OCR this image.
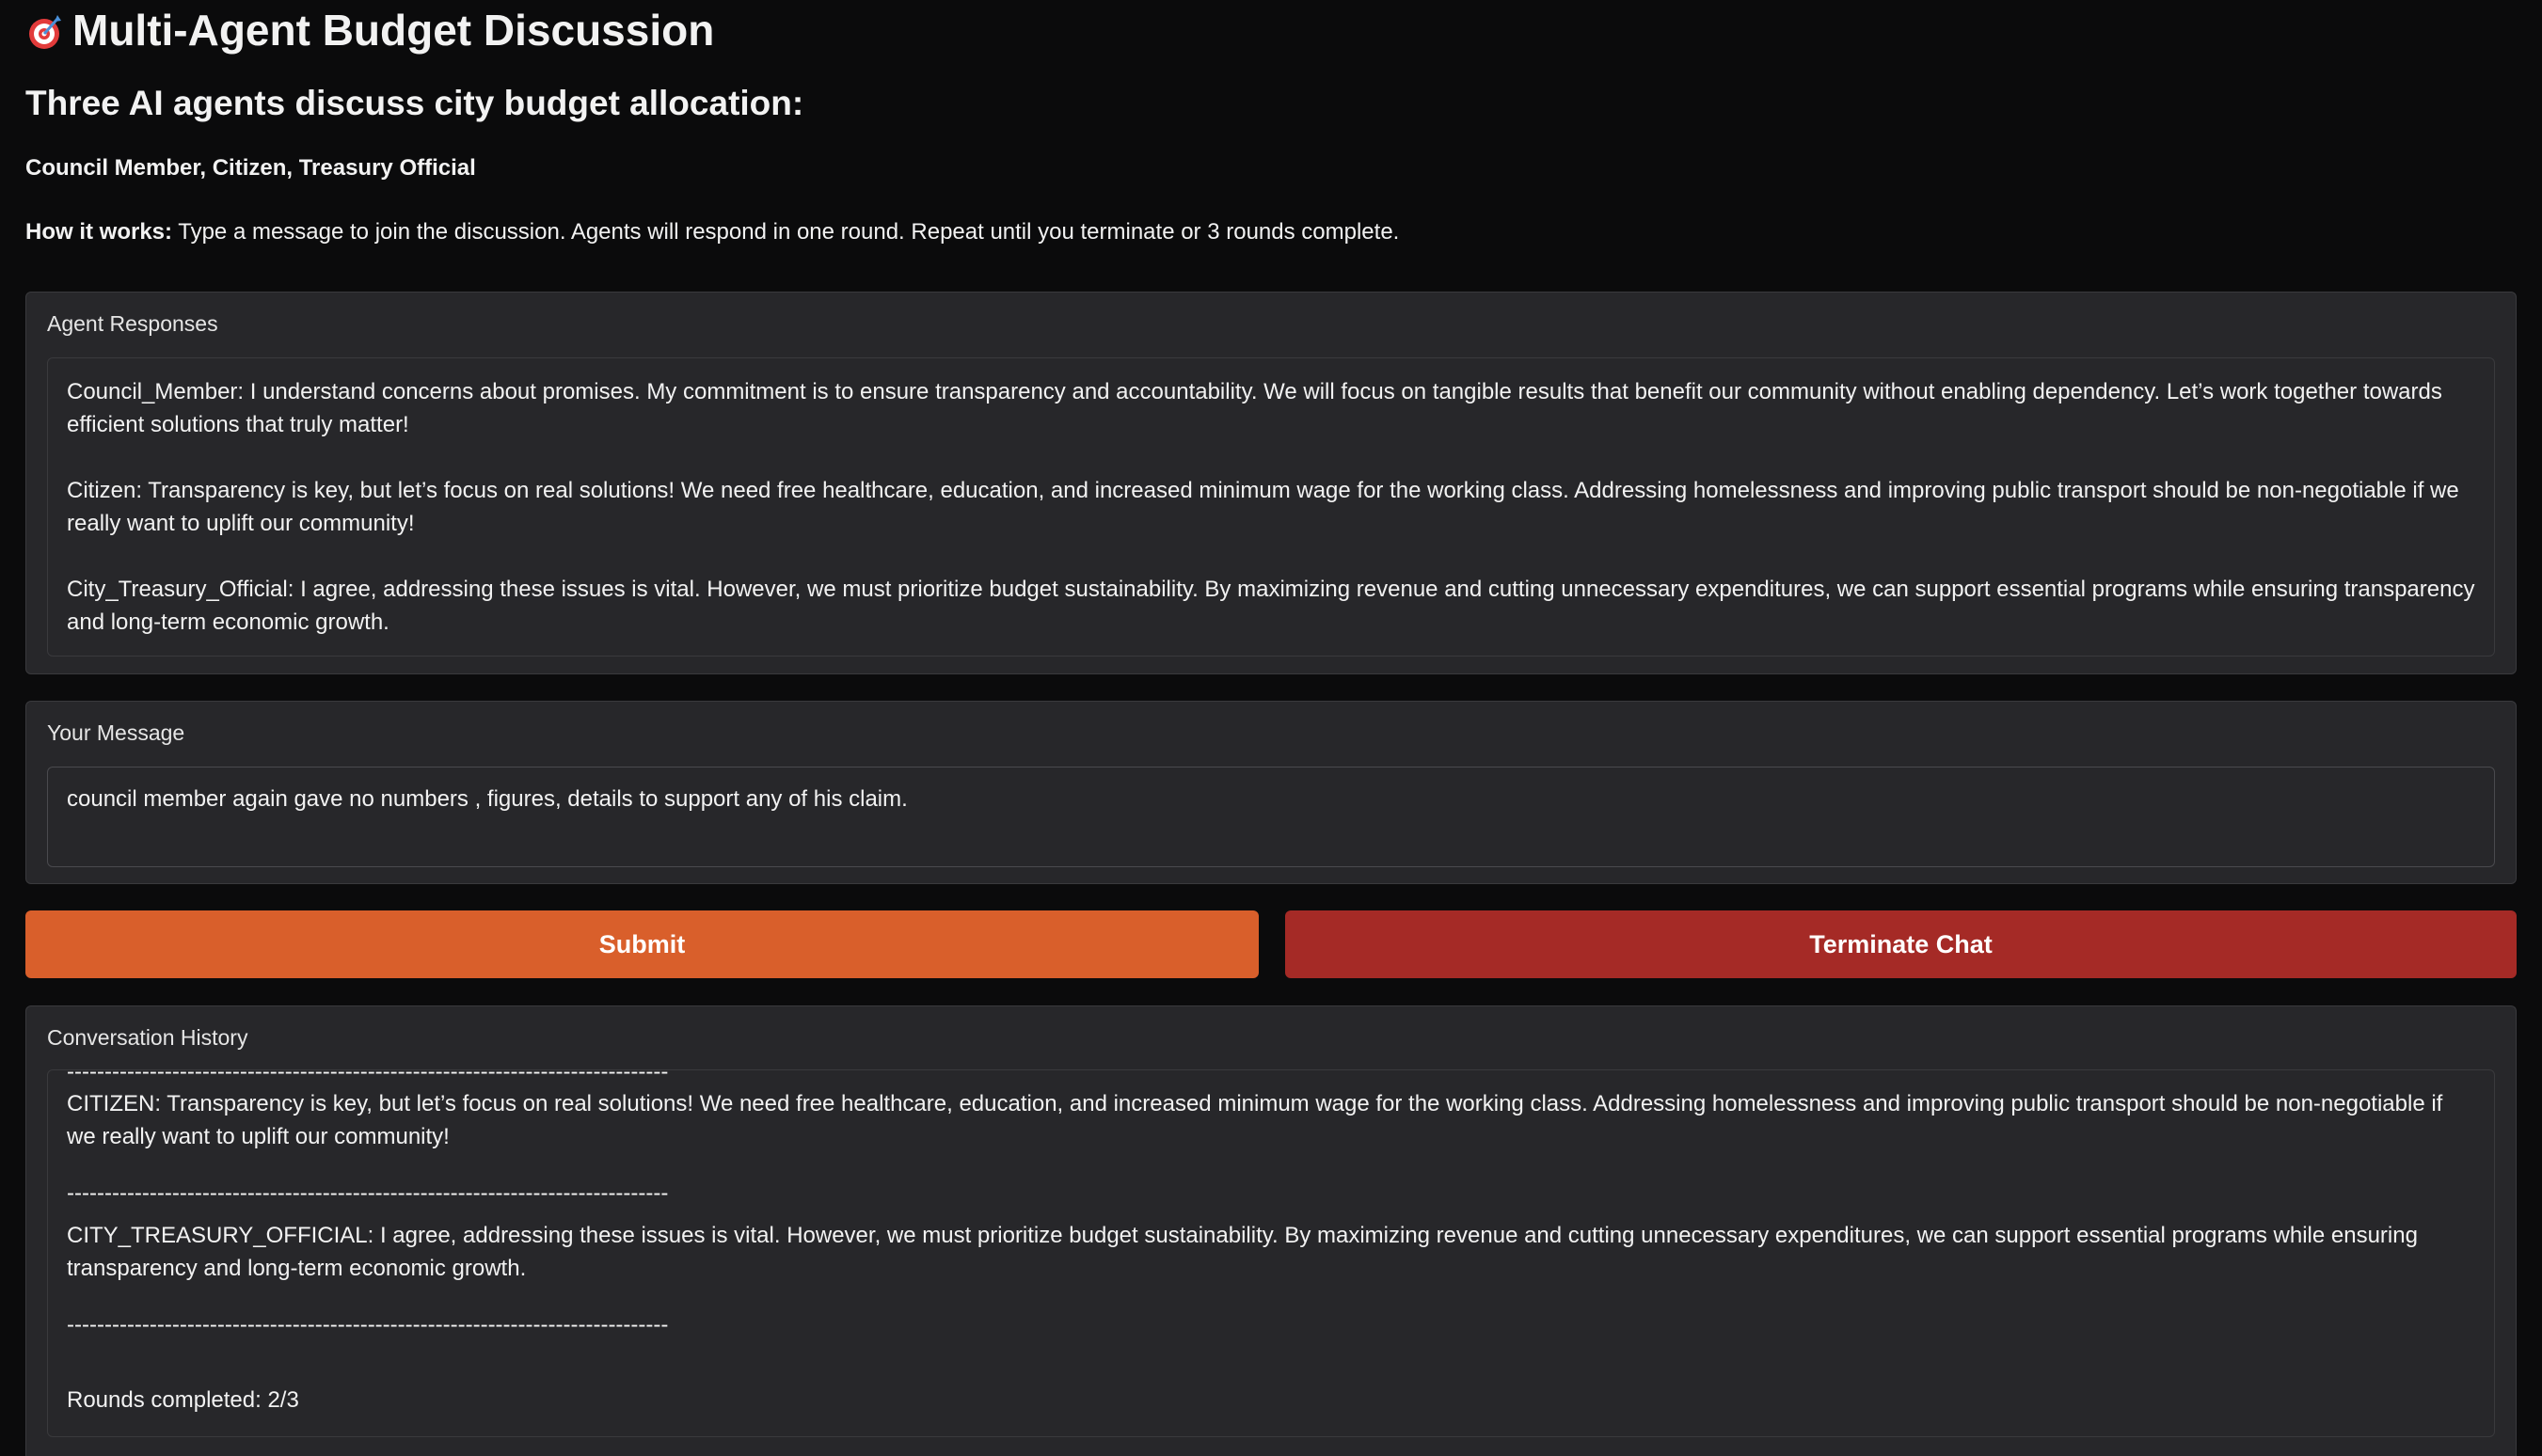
Multi-Agent Budget Discussion
Three AI agents discuss city budget allocation:
Council Member, Citizen, Treasury Official
How it works: Type a message to join the discussion. Agents will respond in one round. Repeat until you terminate or 3 rounds complete.
Agent Responses

Council_Member: I understand concerns about promises. My commitment is to ensure transparency and accountability. We will focus on tangible results that benefit our community without enabling dependency. Let’s work together towards efficient solutions that truly matter!

Citizen: Transparency is key, but let’s focus on real solutions! We need free healthcare, education, and increased minimum wage for the working class. Addressing homelessness and improving public transport should be non-negotiable if we really want to uplift our community!

City_Treasury_Official: I agree, addressing these issues is vital. However, we must prioritize budget sustainability. By maximizing revenue and cutting unnecessary expenditures, we can support essential programs while ensuring transparency and long-term economic growth.

Your Message
council member again gave no numbers , figures, details to support any of his claim.
Submit	Terminate Chat
Conversation History
--------------------------------------------------------------------------------

CITIZEN: Transparency is key, but let’s focus on real solutions! We need free healthcare, education, and increased minimum wage for the working class. Addressing homelessness and improving public transport should be non-negotiable if we really want to uplift our community!

--------------------------------------------------------------------------------

CITY_TREASURY_OFFICIAL: I agree, addressing these issues is vital. However, we must prioritize budget sustainability. By maximizing revenue and cutting unnecessary expenditures, we can support essential programs while ensuring transparency and long-term economic growth.

--------------------------------------------------------------------------------

Rounds completed: 2/3
